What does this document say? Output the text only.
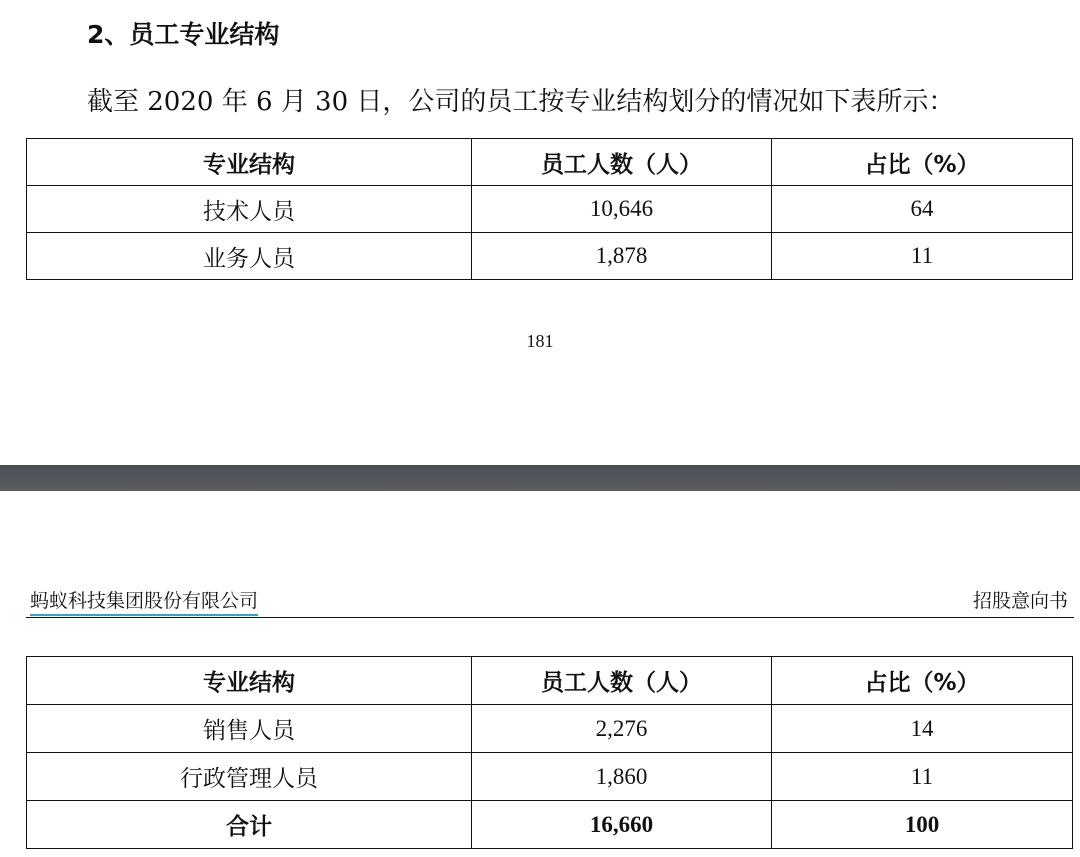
2、员工专业结构
截至 2020 年 6 月 30 日，公司的员工按专业结构划分的情况如下表所示：
专业结构	员工人数（人）	占比（%）
技术人员	10,646	64
业务人员	1,878	11
181
蚂蚁科技集团股份有限公司	招股意向书
专业结构	员工人数（人）	占比（%）
销售人员	2,276	14
行政管理人员	1,860	11
合计	16,660	100
